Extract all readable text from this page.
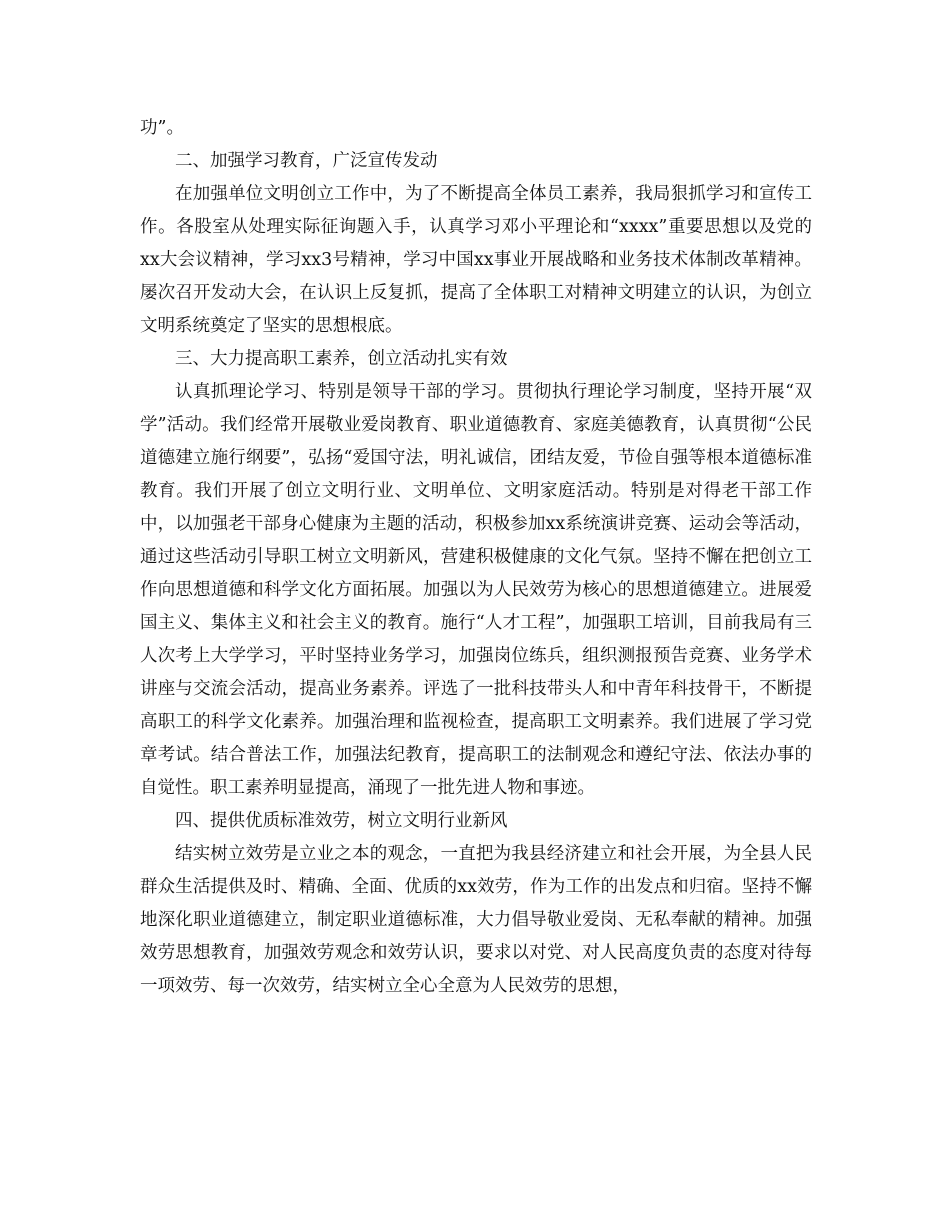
功”。

二、加强学习教育，广泛宣传发动

在加强单位文明创立工作中，为了不断提高全体员工素养，我局狠抓学习和宣传工作。各股室从处理实际征询题入手，认真学习邓小平理论和“xxxx”重要思想以及党的xx大会议精神，学习xx3号精神，学习中国xx事业开展战略和业务技术体制改革精神。屡次召开发动大会，在认识上反复抓，提高了全体职工对精神文明建立的认识，为创立文明系统奠定了坚实的思想根底。

三、大力提高职工素养，创立活动扎实有效

认真抓理论学习、特别是领导干部的学习。贯彻执行理论学习制度，坚持开展“双学”活动。我们经常开展敬业爱岗教育、职业道德教育、家庭美德教育，认真贯彻“公民道德建立施行纲要”，弘扬“爱国守法，明礼诚信，团结友爱，节俭自强等根本道德标准教育。我们开展了创立文明行业、文明单位、文明家庭活动。特别是对得老干部工作中，以加强老干部身心健康为主题的活动，积极参加xx系统演讲竞赛、运动会等活动，通过这些活动引导职工树立文明新风，营建积极健康的文化气氛。坚持不懈在把创立工作向思想道德和科学文化方面拓展。加强以为人民效劳为核心的思想道德建立。进展爱国主义、集体主义和社会主义的教育。施行“人才工程”，加强职工培训，目前我局有三人次考上大学学习，平时坚持业务学习，加强岗位练兵，组织测报预告竞赛、业务学术讲座与交流会活动，提高业务素养。评选了一批科技带头人和中青年科技骨干，不断提高职工的科学文化素养。加强治理和监视检查，提高职工文明素养。我们进展了学习党章考试。结合普法工作，加强法纪教育，提高职工的法制观念和遵纪守法、依法办事的自觉性。职工素养明显提高，涌现了一批先进人物和事迹。

四、提供优质标准效劳，树立文明行业新风

结实树立效劳是立业之本的观念，一直把为我县经济建立和社会开展，为全县人民群众生活提供及时、精确、全面、优质的xx效劳，作为工作的出发点和归宿。坚持不懈地深化职业道德建立，制定职业道德标准，大力倡导敬业爱岗、无私奉献的精神。加强效劳思想教育，加强效劳观念和效劳认识，要求以对党、对人民高度负责的态度对待每一项效劳、每一次效劳，结实树立全心全意为人民效劳的思想，
